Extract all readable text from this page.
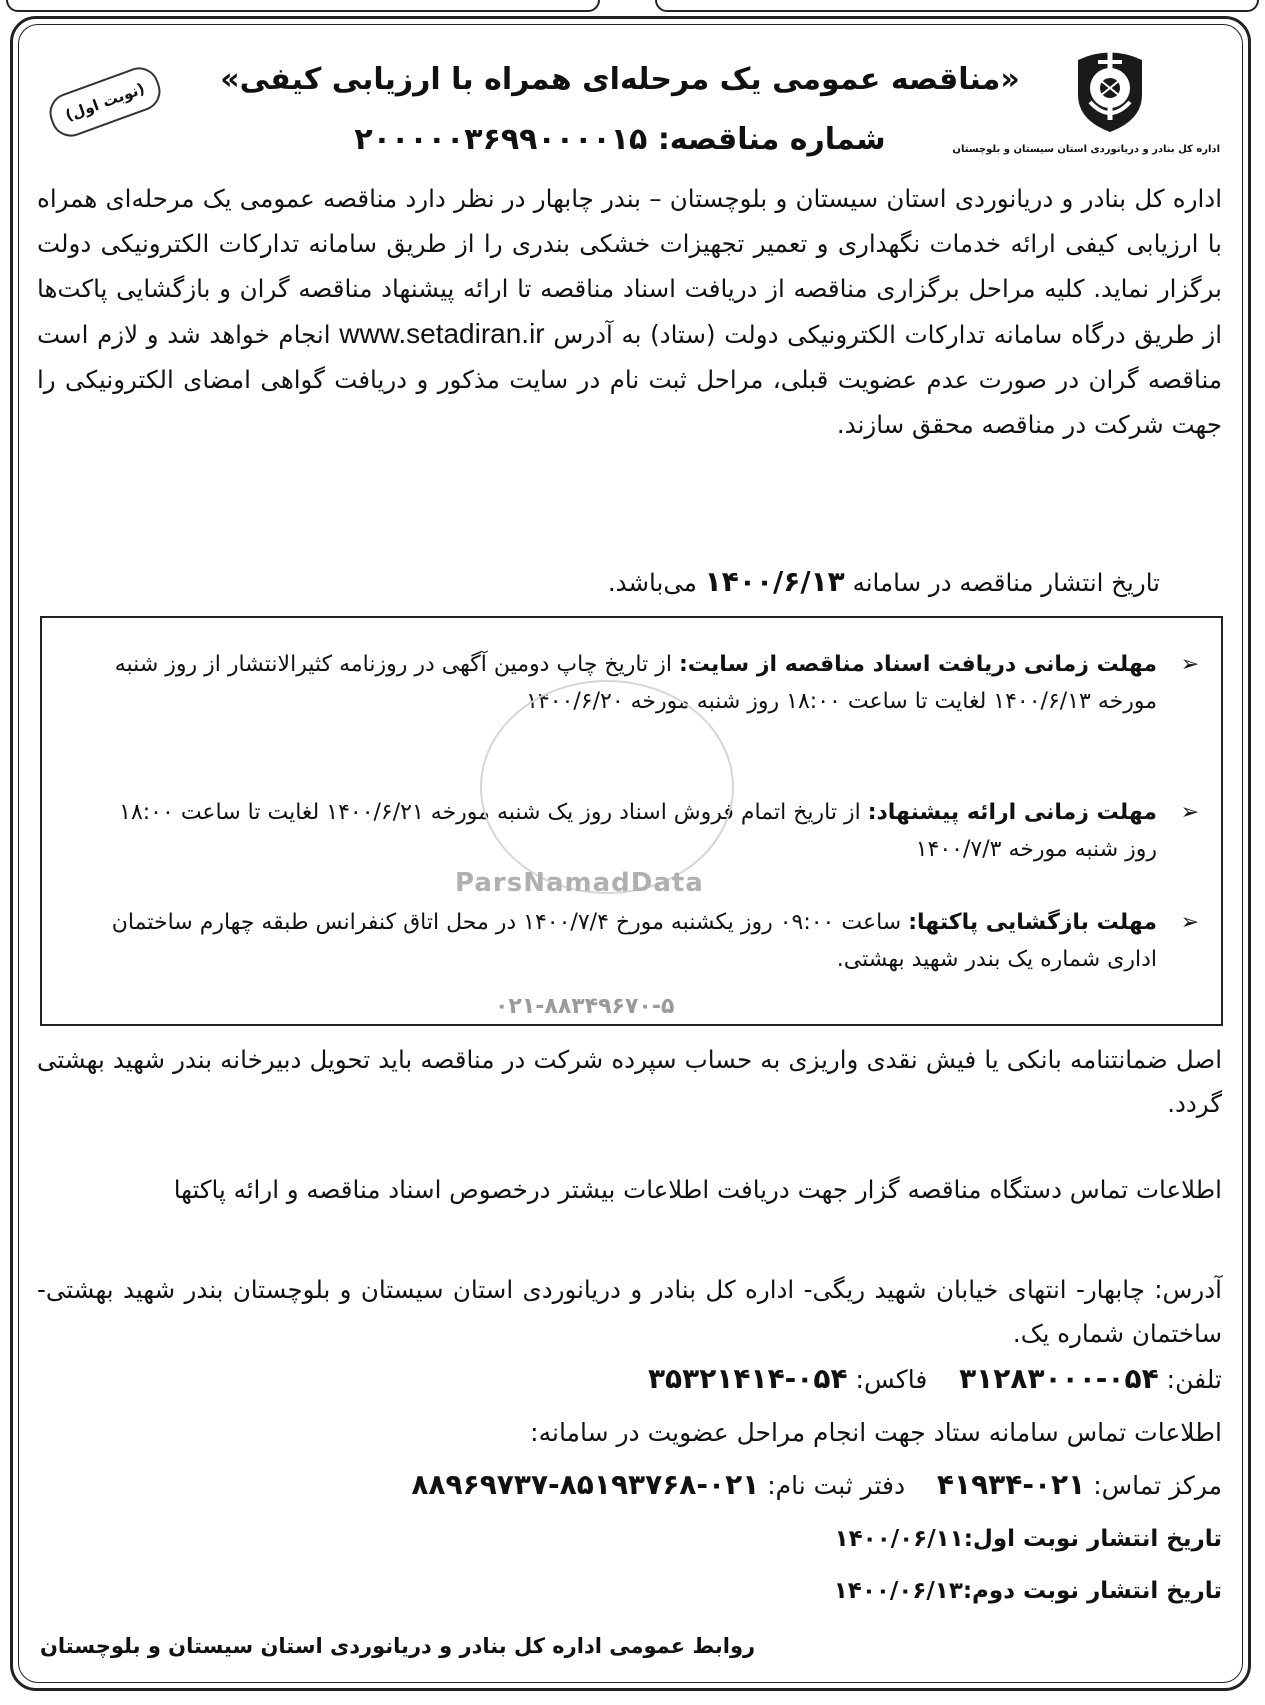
اداره کل بنادر و دریانوردی استان سیستان و بلوچستان
(نوبت اول)	«مناقصه عمومی یک مرحله‌ای همراه با ارزیابی کیفی»
شماره مناقصه: ۲۰۰۰۰۰۳۶۹۹۰۰۰۰۱۵
اداره کل بنادر و دریانوردی استان سیستان و بلوچستان – بندر چابهار در نظر دارد مناقصه عمومی یک مرحله‌ای همراه با ارزیابی کیفی ارائه خدمات نگهداری و تعمیر تجهیزات خشکی بندری را از طریق سامانه تدارکات الکترونیکی دولت برگزار نماید. کلیه مراحل برگزاری مناقصه از دریافت اسناد مناقصه تا ارائه پیشنهاد مناقصه گران و بازگشایی پاکت‌ها از طریق درگاه سامانه تدارکات الکترونیکی دولت (ستاد) به آدرس www.setadiran.ir انجام خواهد شد و لازم است مناقصه گران در صورت عدم عضویت قبلی، مراحل ثبت نام در سایت مذکور و دریافت گواهی امضای الکترونیکی را جهت شرکت در مناقصه محقق سازند.
تاریخ انتشار مناقصه در سامانه ۱۴۰۰/۶/۱۳ می‌باشد.
➢
مهلت زمانی دریافت اسناد مناقصه از سایت: از تاریخ چاپ دومین آگهی در روزنامه کثیرالانتشار از روز شنبه مورخه ۱۴۰۰/۶/۱۳ لغایت تا ساعت ۱۸:۰۰ روز شنبه مورخه ۱۴۰۰/۶/۲۰
➢
مهلت زمانی ارائه پیشنهاد: از تاریخ اتمام فروش اسناد روز یک شنبه مورخه ۱۴۰۰/۶/۲۱ لغایت تا ساعت ۱۸:۰۰ روز شنبه مورخه ۱۴۰۰/۷/۳
➢
مهلت بازگشایی پاکتها: ساعت ۰۹:۰۰ روز یکشنبه مورخ ۱۴۰۰/۷/۴ در محل اتاق کنفرانس طبقه چهارم ساختمان اداری شماره یک بندر شهید بهشتی.
ParsNamadData
۰۲۱-۸۸۳۴۹۶۷۰-۵
اصل ضمانتنامه بانکی یا فیش نقدی واریزی به حساب سپرده شرکت در مناقصه باید تحویل دبیرخانه بندر شهید بهشتی گردد.
اطلاعات تماس دستگاه مناقصه گزار جهت دریافت اطلاعات بیشتر درخصوص اسناد مناقصه و ارائه پاکتها
آدرس: چابهار- انتهای خیابان شهید ریگی- اداره کل بنادر و دریانوردی استان سیستان و بلوچستان بندر شهید بهشتی- ساختمان شماره یک.
تلفن: ۰۵۴-۳۱۲۸۳۰۰۰    فاکس: ۰۵۴-۳۵۳۲۱۴۱۴
اطلاعات تماس سامانه ستاد جهت انجام مراحل عضویت در سامانه:
مرکز تماس: ۰۲۱-۴۱۹۳۴    دفتر ثبت نام: ۰۲۱-۸۵۱۹۳۷۶۸-۸۸۹۶۹۷۳۷
تاریخ انتشار نوبت اول:۱۴۰۰/۰۶/۱۱
تاریخ انتشار نوبت دوم:۱۴۰۰/۰۶/۱۳
روابط عمومی اداره کل بنادر و دریانوردی استان سیستان و بلوچستان
